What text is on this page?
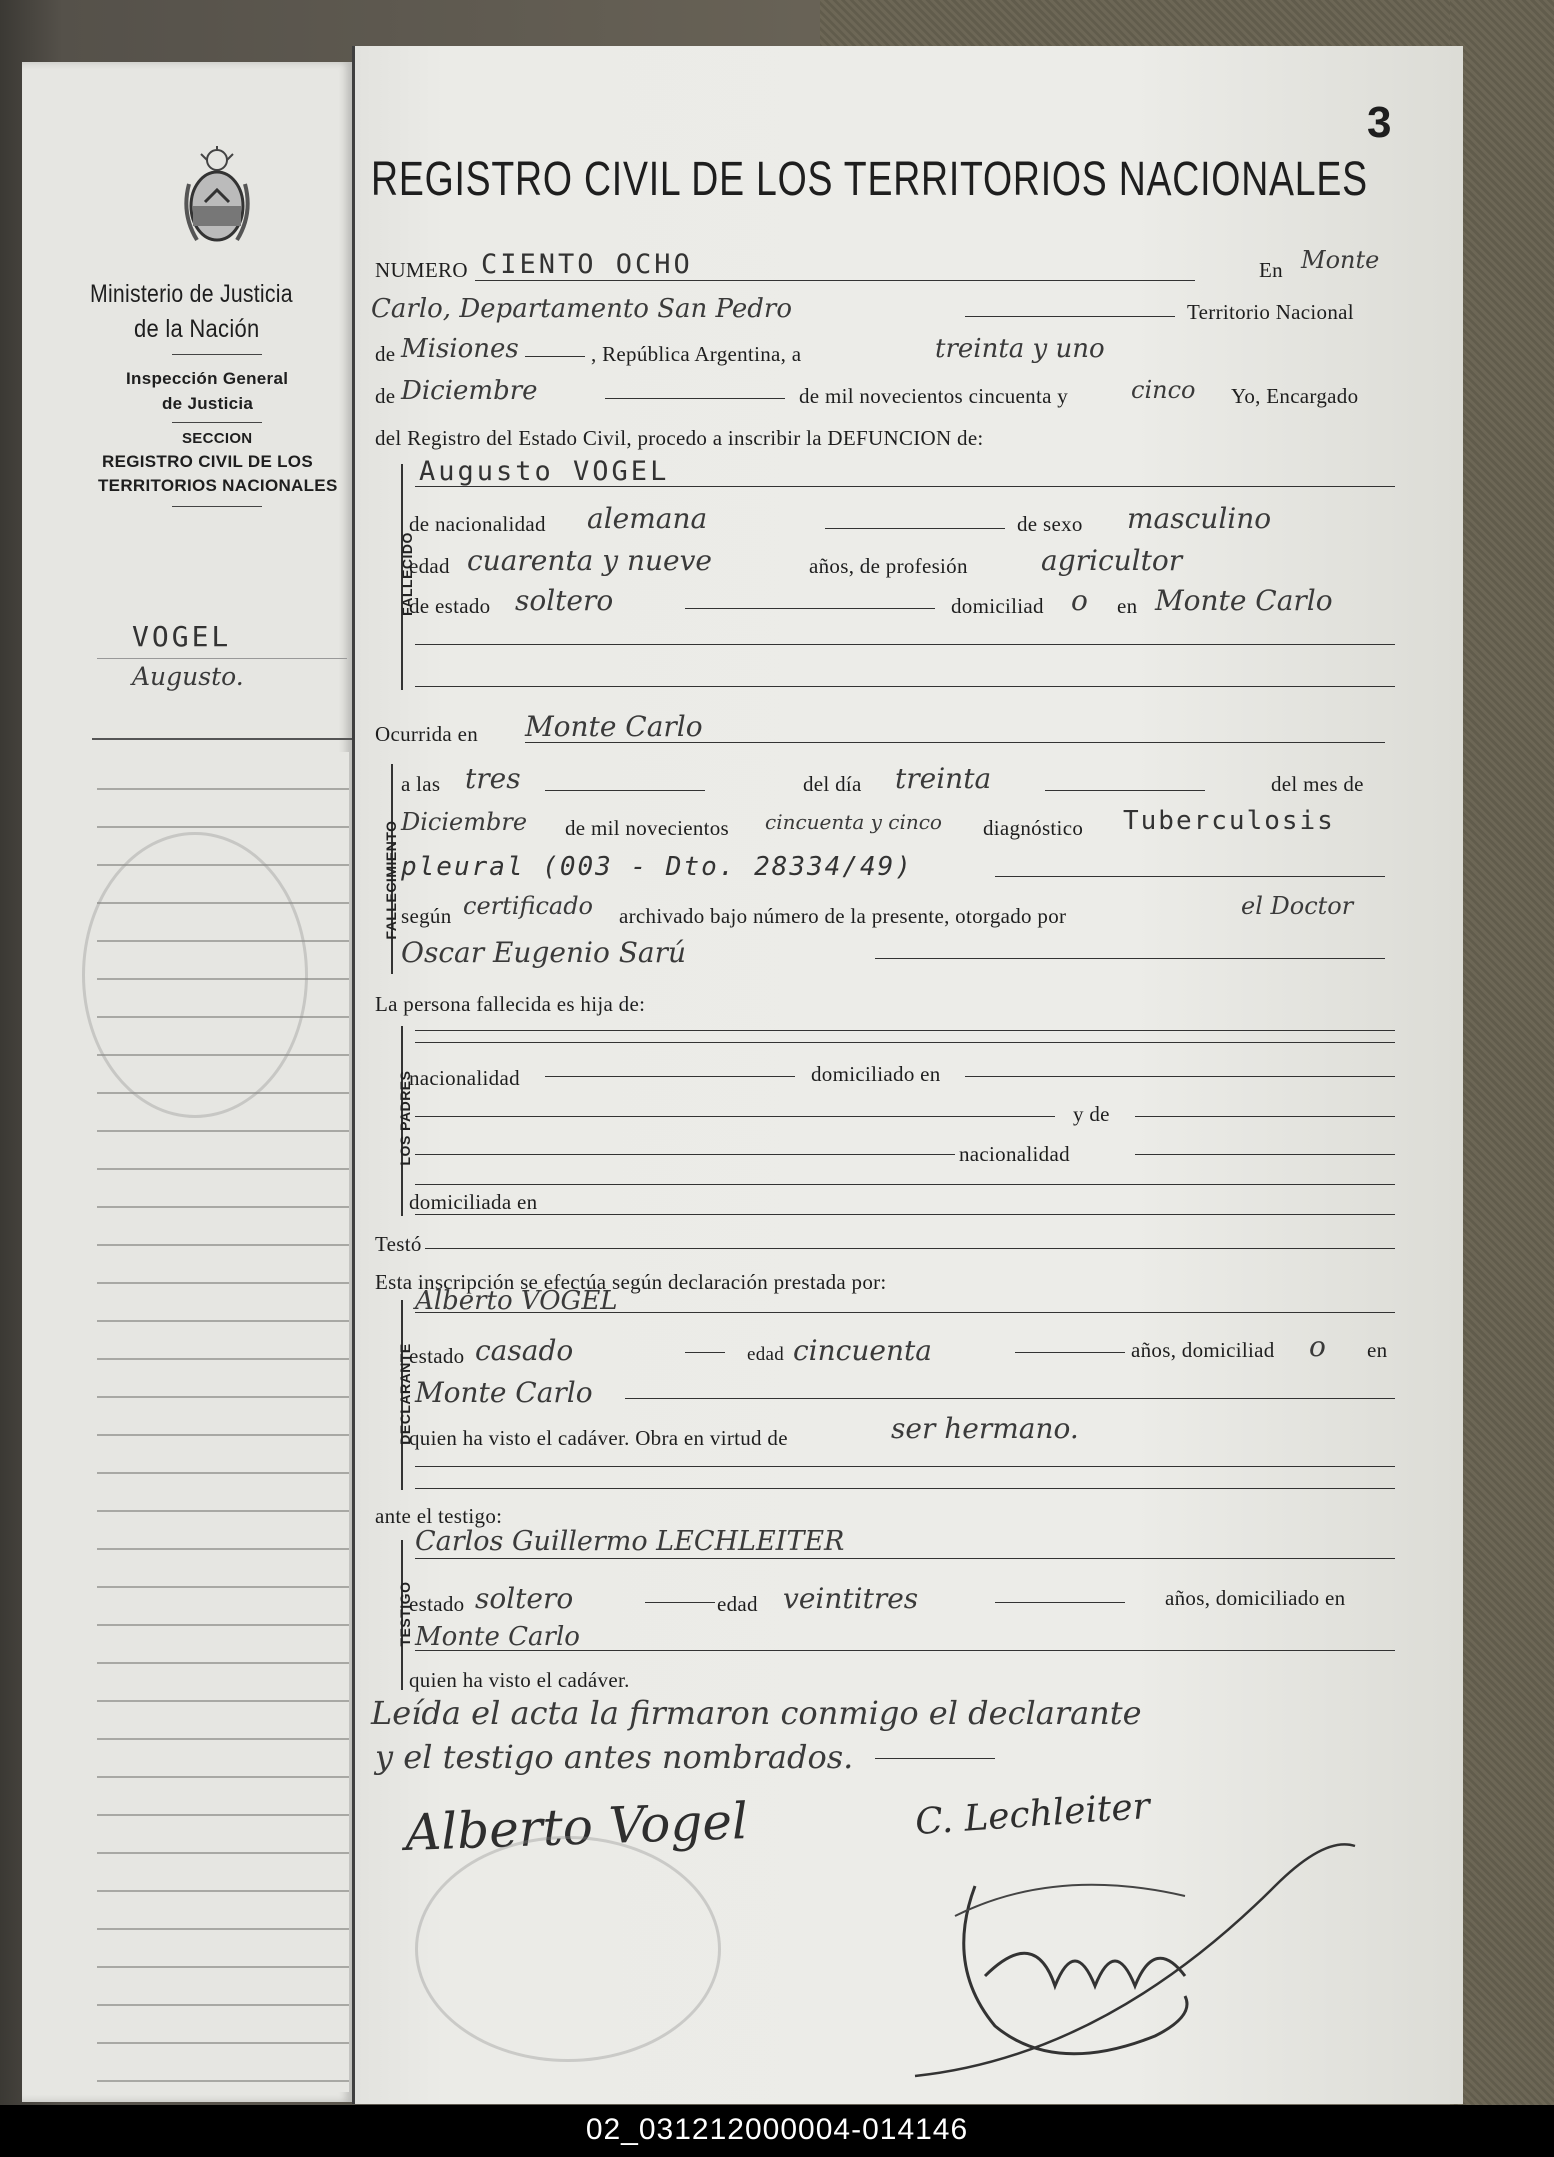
Ministerio de Justicia
de la Nación
Inspección General
de Justicia
SECCION
REGISTRO CIVIL DE LOS
TERRITORIOS NACIONALES
VOGEL
Augusto.
3
REGISTRO CIVIL DE LOS TERRITORIOS NACIONALES
NUMERO CIENTO OCHO	En Monte
Carlo, Departamento San Pedro	Territorio Nacional
de Misiones	, República Argentina, a	treinta y uno
de Diciembre	de mil novecientos cincuenta y	cinco Yo, Encargado
del Registro del Estado Civil, procedo a inscribir la DEFUNCION de:
FALLECIDO
Augusto VOGEL
de nacionalidad alemana	de sexo masculino
edad cuarenta y nueve	años, de profesión	agricultor
de estado soltero	domiciliad o en Monte Carlo
Ocurrida en Monte Carlo
FALLECIMIENTO
a las tres	del día treinta	del mes de
Diciembre de mil novecientos cincuenta y cinco diagnóstico Tuberculosis
pleural (003 - Dto. 28334/49)
según certificado archivado bajo número de la presente, otorgado por	el Doctor
Oscar Eugenio Sarú
La persona fallecida es hija de:
LOS PADRES
nacionalidad	domiciliado en
y de
nacionalidad
domiciliada en
Testó
Esta inscripción se efectúa según declaración prestada por:
DECLARANTE
Alberto VOGEL
estado casado	edad cincuenta	años, domiciliad o en
Monte Carlo
quien ha visto el cadáver. Obra en virtud de	ser hermano.
ante el testigo:
TESTIGO
Carlos Guillermo LECHLEITER
estado soltero	edad veintitres	años, domiciliado en
Monte Carlo
quien ha visto el cadáver.
Leída el acta la firmaron conmigo el declarante
y el testigo antes nombrados.
Alberto Vogel	C. Lechleiter
02_031212000004-014146
